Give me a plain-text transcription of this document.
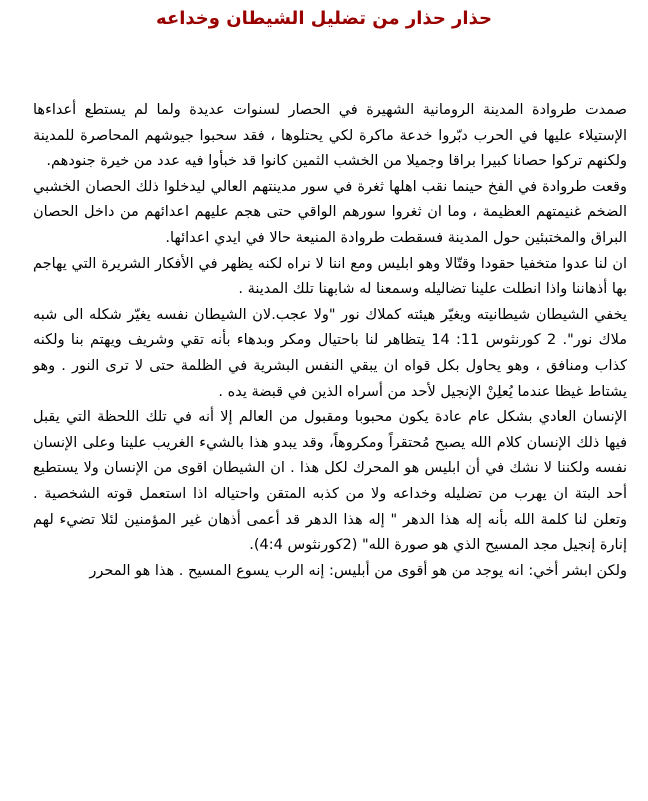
حذار حذار من تضليل الشيطان وخداعه

صمدت طروادة المدينة الرومانية الشهيرة في الحصار لسنوات عديدة ولما لم يستطع أعداءها الإستيلاء عليها في الحرب دبّروا خدعة ماكرة لكي يحتلوها ، فقد سحبوا جيوشهم المحاصرة للمدينة ولكنهم تركوا حصانا كبيرا براقا وجميلا من الخشب الثمين كانوا قد خبأوا فيه عدد من خيرة جنودهم.

وقعت طروادة في الفخ حينما نقب اهلها ثغرة في سور مدينتهم العالي ليدخلوا ذلك الحصان الخشبي الضخم غنيمتهم العظيمة ، وما ان ثغروا سورهم الواقي حتى هجم عليهم اعدائهم من داخل الحصان البراق والمختبئين حول المدينة فسقطت طروادة المنيعة حالا في ايدي اعدائها.

ان لنا عدوا متخفيا حقودا وقتّالا وهو ابليس ومع اننا لا نراه لكنه يظهر في الأفكار الشريرة التي يهاجم بها أذهاننا واذا انطلت علينا تضاليله وسمعنا له شابهنا تلك المدينة .

يخفي الشيطان شيطانيته ويغيّر هيئته كملاك نور "ولا عجب.لان الشيطان نفسه يغيّر شكله الى شبه ملاك نور". 2 كورنثوس 11: 14 يتظاهر لنا باحتيال ومكر وبدهاء بأنه تقي وشريف ويهتم بنا ولكنه كذاب ومنافق ، وهو يحاول بكل قواه ان يبقي النفس البشرية في الظلمة حتى لا ترى النور . وهو يشتاط غيظا عندما يُعلِنْ الإنجيل لأحد من أسراه الذين في قبضة يده .

الإنسان العادي بشكل عام عادة يكون محبوبا ومقبول من العالم إلا أنه في تلك اللحظة التي يقبل فيها ذلك الإنسان كلام الله يصبح مُحتقراً ومكروهاً، وقد يبدو هذا بالشيء الغريب علينا وعلى الإنسان نفسه ولكننا لا نشك في أن ابليس هو المحرك لكل هذا . ان الشيطان اقوى من الإنسان ولا يستطيع أحد البتة ان يهرب من تضليله وخداعه ولا من كذبه المتقن واحتياله اذا استعمل قوته الشخصية . وتعلن لنا كلمة الله بأنه إله هذا الدهر " إله هذا الدهر قد أعمى أذهان غير المؤمنين لئلا تضيء لهم إنارة إنجيل مجد المسيح الذي هو صورة الله" (2كورنثوس 4:4).

ولكن ابشر أخي: انه يوجد من هو أقوى من أبليس: إنه الرب يسوع المسيح . هذا هو المحرر
